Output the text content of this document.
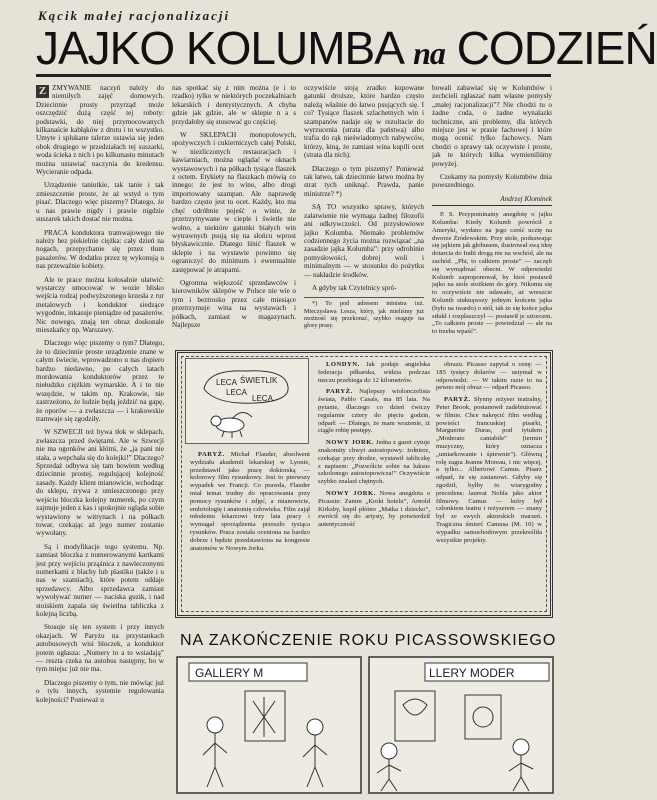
Kącik małej racjonalizacji
JAJKO KOLUMBA na CODZIEŃ

Z ZMYWANIE naczyń należy do niemiłych zajęć domowych. Dziecinnie prosty przyrząd może oszczędzić dużą część tej roboty: podstawki, do niej przymocowanych kilkanaście kabłąków z drutu i to wszystko. Umyte i spłukane talerze ustawia się jeden obok drugiego w przedziałach tej suszarki, woda ścieka z nich i po kilkunastu minutach można ustawiać naczynia do kredensu. Wycieranie odpada.

Urządzenie taniutkie, tak tanie i tak zmieszczenie proste, że aż wstyd o tym pisać. Dlaczego więc piszemy? Dlatego, że u nas prawie nigdy i prawie nigdzie suszarek takich dostać nie można.

PRACA konduktora tramwajowego nie należy bez piekielnie ciężka: cały dzień na nogach, przepychanie się przez tłum pasażerów. W dodatku przez tę wykonują u nas przewaźnie kobiety.

Ale te prace można kołosalnie ułatwić: wystarczy umocować w wozie blisko wejścia rodzaj podwyższonego krzesła z rur metalowych i konduktor siedzące wygodnie, inkasuje pieniądze od pasażerów. Nic nowego, znają ten obraz doskonale mieszkańcy np. Warszawy.

Dlaczego więc piszemy o tym? Dlatego, że to dziecinnie proste urządzenie znane w całym świecie, wprowadzono u nas dopiero bardzo niedawno, po całych latach mordowania konduktorów przez te niełudzko ciężkim wymarskie. A i to nie wszędzie, w takim np. Krakowie, nie zastrzeżono, że ludzie będą jeździć na gapę, że oporów — a zwłaszcza — i krakowskie tramwaje się zgodziły.

W SZWECJI też bywa tłok w sklepach, zwłaszcza przed świętami. Ale w Szwecji nie ma ogonków ani kłótni, że „ja pani nie stała, a wepchała się do kolejki!” Dlaczego? Sprzedaż odbywa się tam bowiem według dziecinnie prostej, regulującej kolejność zasady. Każdy klient mianowicie, wchodząc do sklepu, zrywa z umieszczonego przy wejściu bloczka kolejny numerek, po czym zajmuje jeden z kas i spokojnie ogląda sobie wystawiony w witrynach i na półkach towar, czekając aż jego numer zostanie wywołany.

Są i modyfikacje tego systemu. Np. zamiast bloczka z numerowanymi kartkami jest przy wejściu prząśnica z nawleczonymi numerkami z blachy lub plastiku (także i u nas w szatniach), które potem oddaje sprzedawcy. Albo sprzedawca zamiast wywoływać numer — naciska guzik, i nad stoiskiem zapala się świetlna tabliczka z kolejną liczbą.

Stosuje się ten system i przy innych okazjach. W Paryżu na przystankach autobusowych wisi bloczek, a konduktor potem ogłasza: „Numery to a to wsiadają” — reszta czeka na autobus następny, bo w tym miejsc już nie ma.

Dlaczego piszemy o tym, nie mówiąc już o tylu innych, systemie regulowania kolejności? Ponieważ u

nas spotkać się z nim można (e i to rzadko) tylko w niektórych poczekalniach lekarskich i dentystycznych. A chyba gdzie jak gdzie, ale w sklepie n a s przydałoby się stosować go częściej.

W SKLEPACH monopolowych, spożywczych i cukierniczych całej Polski, w niezliczonych restauracjach i kawiarniach, można oglądać w oknach wystawowych i na półkach tysiące flaszek z octem. Etykiety na flaszkach mówią co innego: że jest to wino, albo drogi importowany szampan. Ale naprawdę bardzo często jest to ocet. Każdy, kto ma chęć odróbnie pojeść o winie, że przetrzymywane w cieple i świetle nie wolno, a niektóre gatunki białych win wytrawnych psują się na słońcu wprost błyskawicznie. Dlatego lśnić flaszek w sklepie i na wystawie powinno się ograniczyć do minimum i ewentualnie zastępować je atrapami.

Ogromna większość sprzedawców i kierowników sklepów w Polsce nie wie o tym i beztrosko przez całe miesiące przetrzymuje wina na wystawach i półkach, zamiast w magazynach. Najlepsze

oczywiście stoją zradko kupowane gatunki droższe, które bardzo często należą właśnie do łatwo psujących się. I co? Tysiące flaszek szlachetnych win i szampanów nadaje się w rezultacie do wyrzucenia (strata dla państwa) albo trafia do rąk nieświadomych nabywców, którzy, kiną, że zamiast wina kupili ocet (strata dla nich).

Dlaczego o tym piszemy? Ponieważ tak łatwo, tak dziecinnie łatwo można by strat tych uniknąć. Prawda, panie ministrze? *)

SĄ TO wszystko sprawy, których załatwienie nie wymaga żadnej filozofii ani odkrywczości. Od przysłowiowe jajko Kolumba. Niemało problemów codziennego życia można rozwiązać „na zasadzie jajka Kolumba”: przy odrobinie pomysłowości, dobrej woli i minimalnym — w stosunku do pożytku — nakładzie środków.

A gdyby tak Czytelnicy spró-

*) To pod adresem ministra inż. Mieczysława Lesza, który, jak mieliśmy już możność się przekonać, szybko reaguje na głosy prasy.

bowali zabawiać się w Kolumbów i zechcieli zgłaszać nam własne pomysły „małej racjonalizacji”? Nie chodzi tu o żadne cuda, o żadne wynalazki techniczne, ani problemy, dla których miejsce jest w prasie fachowej i które mogą ocenić tylko fachowcy. Nam chodzi o sprawy tak oczywiste i proste, jak te których kilka wymieniliśmy powyżej.

Czekamy na pomysły Kolumbów dnia powszedniego.

Andrzej Klominek

P. S. Przypominamy anegdotę o jajku Kolumba: Kiedy Kolumb powrócił z Ameryki, wydano na jego cześć ucztę na dworze Żródewskim. Przy stole, podsuwając się jajkiem jak głobusem, ilustrował swą ideę dotarcia do Indii drogą nie na wschód, ale na zachód. „Phi, to całkiem proste” — zaczęli się wymądrzać obecni. W odpowiedzi Kolumb zaproponował, by ktoś postawił jajko na stole stożkiem do góry. Nikomu się to oczywiście nie udawało, aż wreszcie Kolumb stuknąwszy jednym końcem jajka (było na twardo) o stół, tak że się końce jajka stłukł i rozpłaszczył — postawił je sztorcem. „To całkiem proste — powiedział — ale na to trzeba wpaść”.

LECA ŚWIETLIK
LECA
LECA

PARYŻ. Michał Flauder, absolwent wydziału akademii lekarskiej w Lyonie, przedstawił jako pracę doktorską — kolorowy film rysunkowy. Jest to pierwszy wypadek we Francji. Co prawda, Flauder miał temat trudny do opracowania przy pomocy rysunków i zdjęć, a mianowicie, embriologię i anatomię człowieka. Film zajął młodemu lekarzowi trzy lata pracy i wymagał sporządzenia przeszło tysiąca rysunków. Praca została oceniona na bardzo dobrze i będzie przedstawiona na kongresie anatomów w Nowym Jorku.

LONDYN. Jak podaje angielska federacja piłkarska, widzia podczas meczu przebiega do 12 kilometrów.

PARYŻ. Najlepszy wiolonczelista świata, Pablo Casals, ma 85 lata. Na pytanie, dlaczego co dzień ćwiczy regularnie cztery do pięciu godzin, odparł: — Dlatego, że mam wrażenie, iż ciągle robię postępy.

NOWY JORK. Jedna z gazet cytuje znakomity chwyt autostopowy: żołnierz, czekając przy drodze, wystawił tabliczkę z napisem: „Pozwólcie sobie na luksus szkolonego autostopowicza!” Oczywiście szybko znalazł chętnych.

NOWY JORK. Nowa anegdota o Picassie: Zanim „Kroki hotelu”, Arnold Kirksby, kupił płótno „Matka i dziecko”, zwrócił się do artysty, by potwierdził autentyczność

obrazu. Picasso zapytał o cenę: — 185 tysięcy dolarów — ustymał w odpowiedzi. — W takim razie to na pewno mój obraz — odparł Picasso.

PARYŻ. Słynny reżyser teatralny, Peter Brook, postanowił zadebiutować w filmie. Chce nakręcić film według powieści francuskiej pisarki, Marguerite Duras, pod tytułem „Moderato cantabile” (termin muzyczny, który oznacza „umiarkowanie i śpiewnie”). Główną rolę zagra Jeanne Moreau, i nic więcej, a tylko... Albertowi Camus. Pisarz odparł, że się zastanowi. Gdyby się zgodził, byłby to wiarygodny precedens: laureat Nobla jako aktor filmowy. Camus — który był członkiem teatru i reżyserem — znany był ze swych aktorskich marzeń. Tragiczna śmierć Camusa (M. 10) w wypadku samochodowym przekreśliła wszystkie projekty.

NA ZAKOŃCZENIE ROKU PICASSOWSKIEGO
GALLERY M	LLERY MODER
